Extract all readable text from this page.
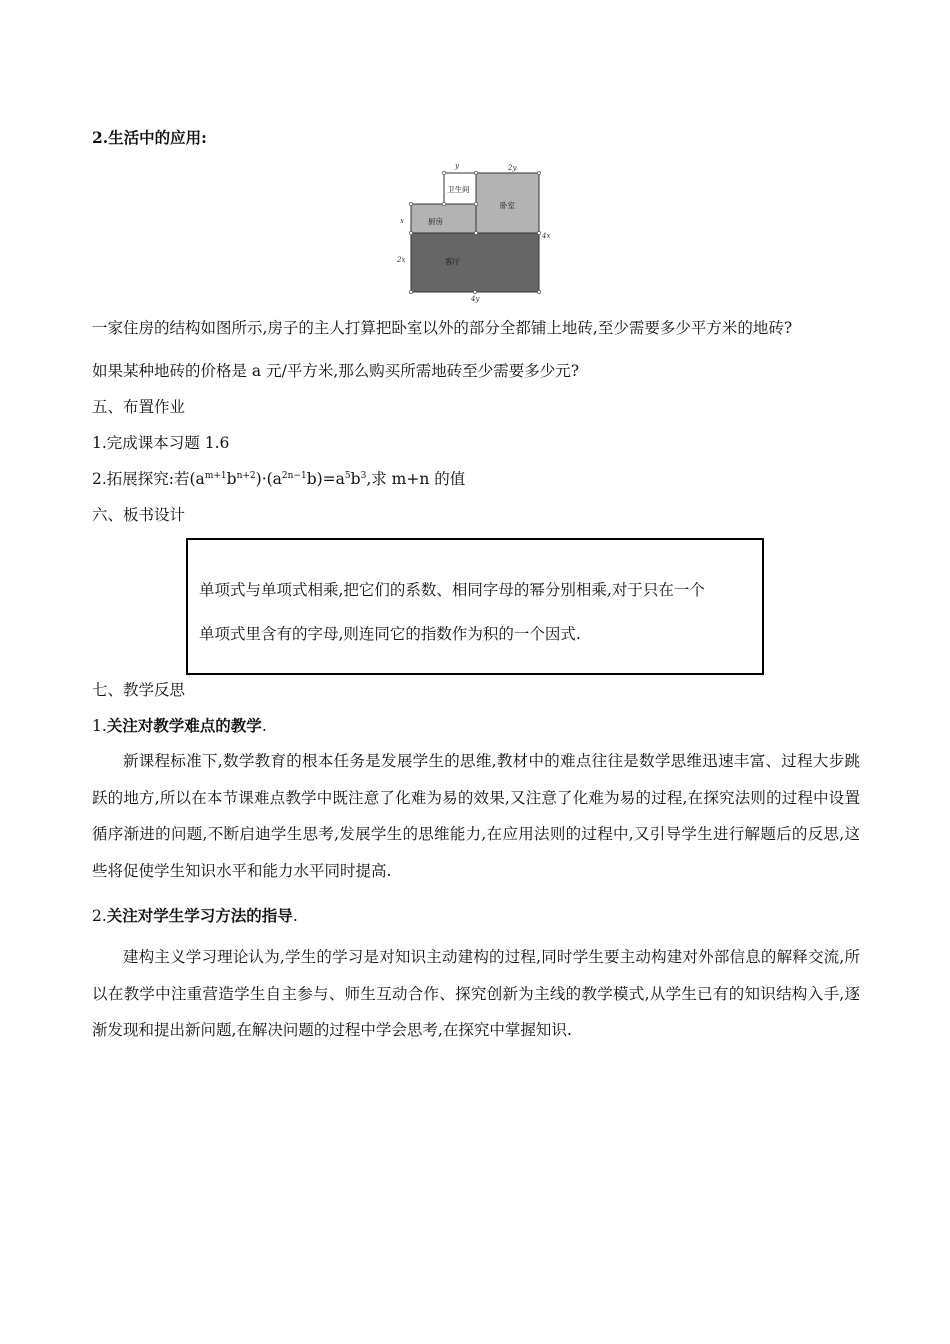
2.生活中的应用:
y	2y
x
2x
4x
4y
卫生间
卧室
厨房
客厅
一家住房的结构如图所示,房子的主人打算把卧室以外的部分全都铺上地砖,至少需要多少平方米的地砖?
如果某种地砖的价格是 a 元/平方米,那么购买所需地砖至少需要多少元?
五、布置作业
1.完成课本习题 1.6
2.拓展探究:若$(a^{m+1}b^{n+2})\cdot(a^{2n-1}b)=a^5b^3$,求 m+n 的值
六、板书设计
单项式与单项式相乘,把它们的系数、相同字母的幂分别相乘,对于只在一个
单项式里含有的字母,则连同它的指数作为积的一个因式.
七、教学反思
1.关注对教学难点的教学.

新课程标准下,数学教育的根本任务是发展学生的思维,教材中的难点往往是数学思维迅速丰富、过程大步跳跃的地方,所以在本节课难点教学中既注意了化难为易的效果,又注意了化难为易的过程,在探究法则的过程中设置循序渐进的问题,不断启迪学生思考,发展学生的思维能力,在应用法则的过程中,又引导学生进行解题后的反思,这些将促使学生知识水平和能力水平同时提高.

2.关注对学生学习方法的指导.

建构主义学习理论认为,学生的学习是对知识主动建构的过程,同时学生要主动构建对外部信息的解释交流,所以在教学中注重营造学生自主参与、师生互动合作、探究创新为主线的教学模式,从学生已有的知识结构入手,逐渐发现和提出新问题,在解决问题的过程中学会思考,在探究中掌握知识.
